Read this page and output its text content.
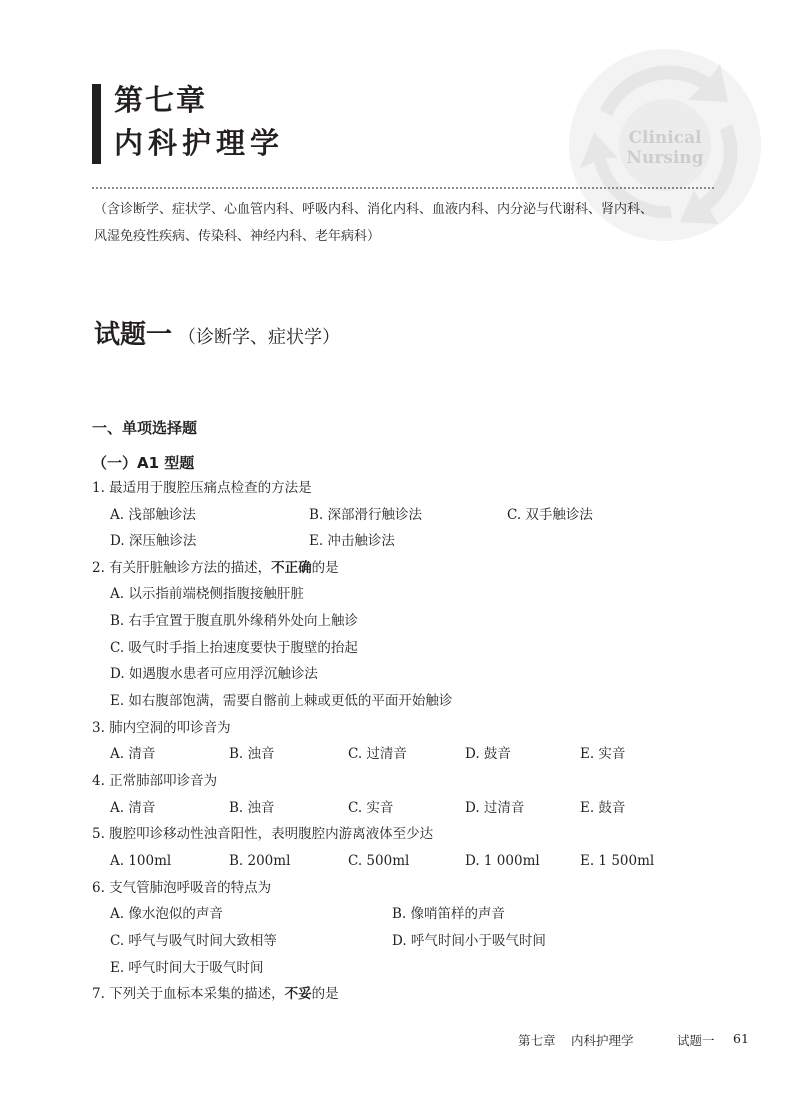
Clinical
Nursing
第七章
内科护理学
（含诊断学、症状学、心血管内科、呼吸内科、消化内科、血液内科、内分泌与代谢科、肾内科、
风湿免疫性疾病、传染科、神经内科、老年病科）
试题一 （诊断学、症状学）
一、单项选择题
（一）A1 型题
1. 最适用于腹腔压痛点检查的方法是
A. 浅部触诊法	B. 深部滑行触诊法	C. 双手触诊法
D. 深压触诊法	E. 冲击触诊法
2. 有关肝脏触诊方法的描述，不正确的是
A. 以示指前端桡侧指腹接触肝脏
B. 右手宜置于腹直肌外缘稍外处向上触诊
C. 吸气时手指上抬速度要快于腹壁的抬起
D. 如遇腹水患者可应用浮沉触诊法
E. 如右腹部饱满，需要自髂前上棘或更低的平面开始触诊
3. 肺内空洞的叩诊音为
A. 清音	B. 浊音	C. 过清音	D. 鼓音	E. 实音
4. 正常肺部叩诊音为
A. 清音	B. 浊音	C. 实音	D. 过清音	E. 鼓音
5. 腹腔叩诊移动性浊音阳性，表明腹腔内游离液体至少达
A. 100ml	B. 200ml	C. 500ml	D. 1 000ml	E. 1 500ml
6. 支气管肺泡呼吸音的特点为
A. 像水泡似的声音	B. 像哨笛样的声音
C. 呼气与吸气时间大致相等	D. 呼气时间小于吸气时间
E. 呼气时间大于吸气时间
7. 下列关于血标本采集的描述，不妥的是
第七章 内科护理学	试题一 61
